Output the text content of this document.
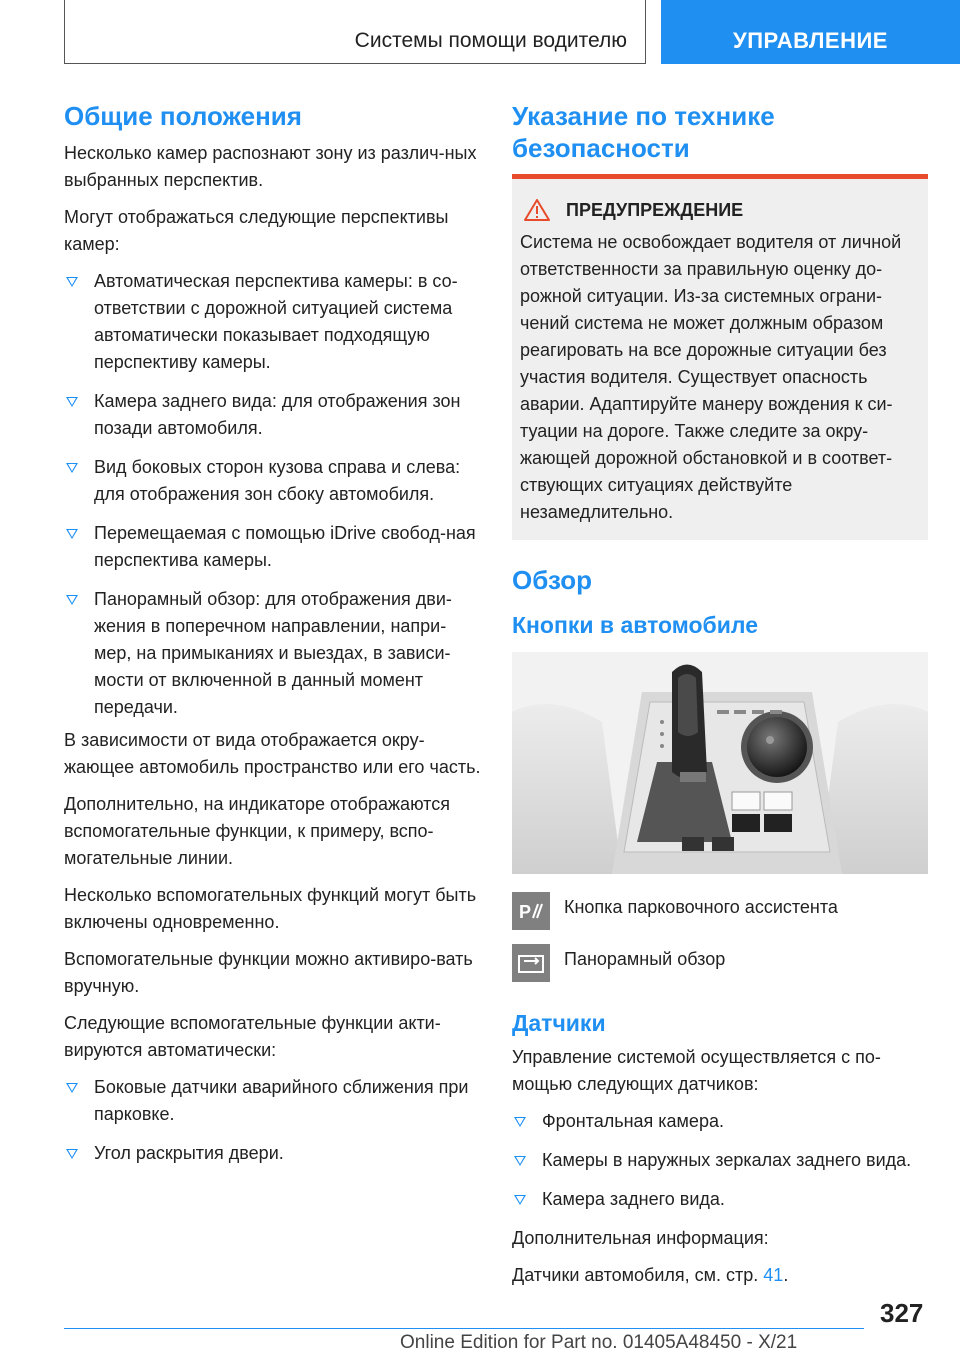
Системы помощи водителю	УПРАВЛЕНИЕ
Общие положения

Несколько камер распознают зону из различ-ных выбранных перспектив.

Могут отображаться следующие перспективы камер:

Автоматическая перспектива камеры: в со-ответствии с дорожной ситуацией система автоматически показывает подходящую перспективу камеры.
Камера заднего вида: для отображения зон позади автомобиля.
Вид боковых сторон кузова справа и слева: для отображения зон сбоку автомобиля.
Перемещаемая с помощью iDrive свобод-ная перспектива камеры.
Панорамный обзор: для отображения дви-жения в поперечном направлении, напри-мер, на примыканиях и выездах, в зависи-мости от включенной в данный момент передачи.

В зависимости от вида отображается окру-жающее автомобиль пространство или его часть.

Дополнительно, на индикаторе отображаются вспомогательные функции, к примеру, вспо-могательные линии.

Несколько вспомогательных функций могут быть включены одновременно.

Вспомогательные функции можно активиро-вать вручную.

Следующие вспомогательные функции акти-вируются автоматически:

Боковые датчики аварийного сближения при парковке.
Угол раскрытия двери.
Указание по технике безопасности
ПРЕДУПРЕЖДЕНИЕ

Система не освобождает водителя от личной ответственности за правильную оценку до-рожной ситуации. Из-за системных ограни-чений система не может должным образом реагировать на все дорожные ситуации без участия водителя. Существует опасность аварии. Адаптируйте манеру вождения к си-туации на дороге. Также следите за окру-жающей дорожной обстановкой и в соответ-ствующих ситуациях действуйте незамедлительно.

Обзор
Кнопки в автомобиле
P Кнопка парковочного ассистента
Панорамный обзор
Датчики

Управление системой осуществляется с по-мощью следующих датчиков:

Фронтальная камера.
Камеры в наружных зеркалах заднего вида.
Камера заднего вида.

Дополнительная информация:

Датчики автомобиля, см. стр. 41.

327
Online Edition for Part no. 01405A48450 - X/21
